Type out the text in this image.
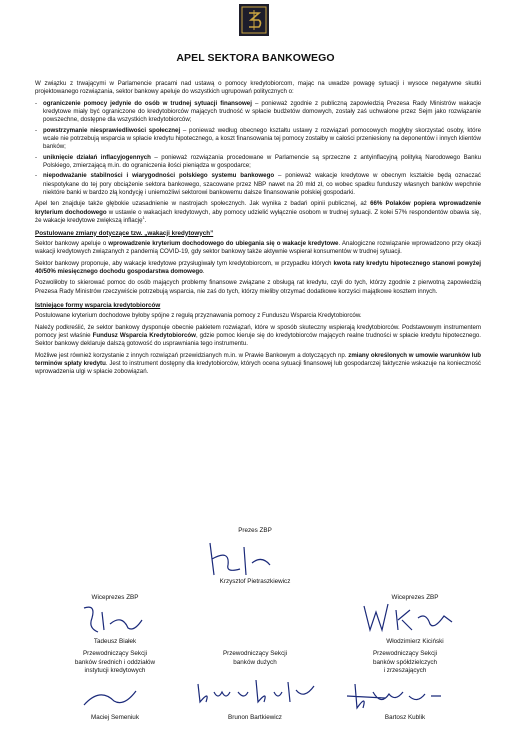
APEL SEKTORA BANKOWEGO

W związku z trwającymi w Parlamencie pracami nad ustawą o pomocy kredytobiorcom, mając na uwadze powagę sytuacji i wysoce negatywne skutki projektowanego rozwiązania, sektor bankowy apeluje do wszystkich ugrupowań politycznych o:

- ograniczenie pomocy jedynie do osób w trudnej sytuacji finansowej – ponieważ zgodnie z publiczną zapowiedzią Prezesa Rady Ministrów wakacje kredytowe miały być ograniczone do kredytobiorców mających trudność w spłacie budżetów domowych, zostały zaś uchwalone przez Sejm jako rozwiązanie powszechne, dostępne dla wszystkich kredytobiorców;
- powstrzymanie niesprawiedliwości społecznej – ponieważ według obecnego kształtu ustawy z rozwiązań pomocowych mogłyby skorzystać osoby, które wcale nie potrzebują wsparcia w spłacie kredytu hipotecznego, a koszt finansowania tej pomocy zostałby w całości przeniesiony na deponentów i innych klientów banków;
- uniknięcie działań inflacyjogennych – ponieważ rozwiązania procedowane w Parlamencie są sprzeczne z antyinflacyjną polityką Narodowego Banku Polskiego, zmierzającą m.in. do ograniczenia ilości pieniądza w gospodarce;
- niepodważanie stabilności i wiarygodności polskiego systemu bankowego – ponieważ wakacje kredytowe w obecnym kształcie będą oznaczać niespotykane do tej pory obciążenie sektora bankowego, szacowane przez NBP nawet na 20 mld zł, co wobec spadku funduszy własnych banków wepchnie niektóre banki w bardzo złą kondycję i uniemożliwi sektorowi bankowemu dalsze finansowanie polskiej gospodarki.

Apel ten znajduje także głębokie uzasadnienie w nastrojach społecznych. Jak wynika z badań opinii publicznej, aż 66% Polaków popiera wprowadzenie kryterium dochodowego w ustawie o wakacjach kredytowych, aby pomocy udzielić wyłącznie osobom w trudnej sytuacji. Z kolei 57% respondentów obawia się, że wakacje kredytowe zwiększą inflację$^1$.

Postulowane zmiany dotyczące tzw. „wakacji kredytowych”

Sektor bankowy apeluje o wprowadzenie kryterium dochodowego do ubiegania się o wakacje kredytowe. Analogiczne rozwiązanie wprowadzono przy okazji wakacji kredytowych związanych z pandemią COVID-19, gdy sektor bankowy także aktywnie wspierał konsumentów w trudnej sytuacji.

Sektor bankowy proponuje, aby wakacje kredytowe przysługiwały tym kredytobiorcom, w przypadku których kwota raty kredytu hipotecznego stanowi powyżej 40/50% miesięcznego dochodu gospodarstwa domowego.

Pozwoliłoby to skierować pomoc do osób mających problemy finansowe związane z obsługą rat kredytu, czyli do tych, którzy zgodnie z pierwotną zapowiedzią Prezesa Rady Ministrów rzeczywiście potrzebują wsparcia, nie zaś do tych, którzy mieliby otrzymać dodatkowe korzyści majątkowe kosztem innych.

Istniejące formy wsparcia kredytobiorców

Postulowane kryterium dochodowe byłoby spójne z regułą przyznawania pomocy z Funduszu Wsparcia Kredytobiorców.

Należy podkreślić, że sektor bankowy dysponuje obecnie pakietem rozwiązań, które w sposób skuteczny wspierają kredytobiorców. Podstawowym instrumentem pomocy jest właśnie Fundusz Wsparcia Kredytobiorców, gdzie pomoc kieruje się do kredytobiorców mających realne trudności w spłacie kredytu hipotecznego. Sektor bankowy deklaruje dalszą gotowość do usprawniania tego instrumentu.

Możliwe jest również korzystanie z innych rozwiązań przewidzianych m.in. w Prawie Bankowym a dotyczących np. zmiany określonych w umowie warunków lub terminów spłaty kredytu. Jest to instrument dostępny dla kredytobiorców, których ocena sytuacji finansowej lub gospodarczej faktycznie wskazuje na konieczność wprowadzenia ulgi w spłacie zobowiązań.

Prezes ZBP
Krzysztof Pietraszkiewicz
Wiceprezes ZBP
Tadeusz Białek
Wiceprezes ZBP
Włodzimierz Kiciński
Przewodniczący Sekcji
banków średnich i oddziałów
instytucji kredytowych
Maciej Semeniuk
Przewodniczący Sekcji
banków dużych
Brunon Bartkiewicz
Przewodniczący Sekcji
banków spółdzielczych
i zrzeszających
Bartosz Kublik
